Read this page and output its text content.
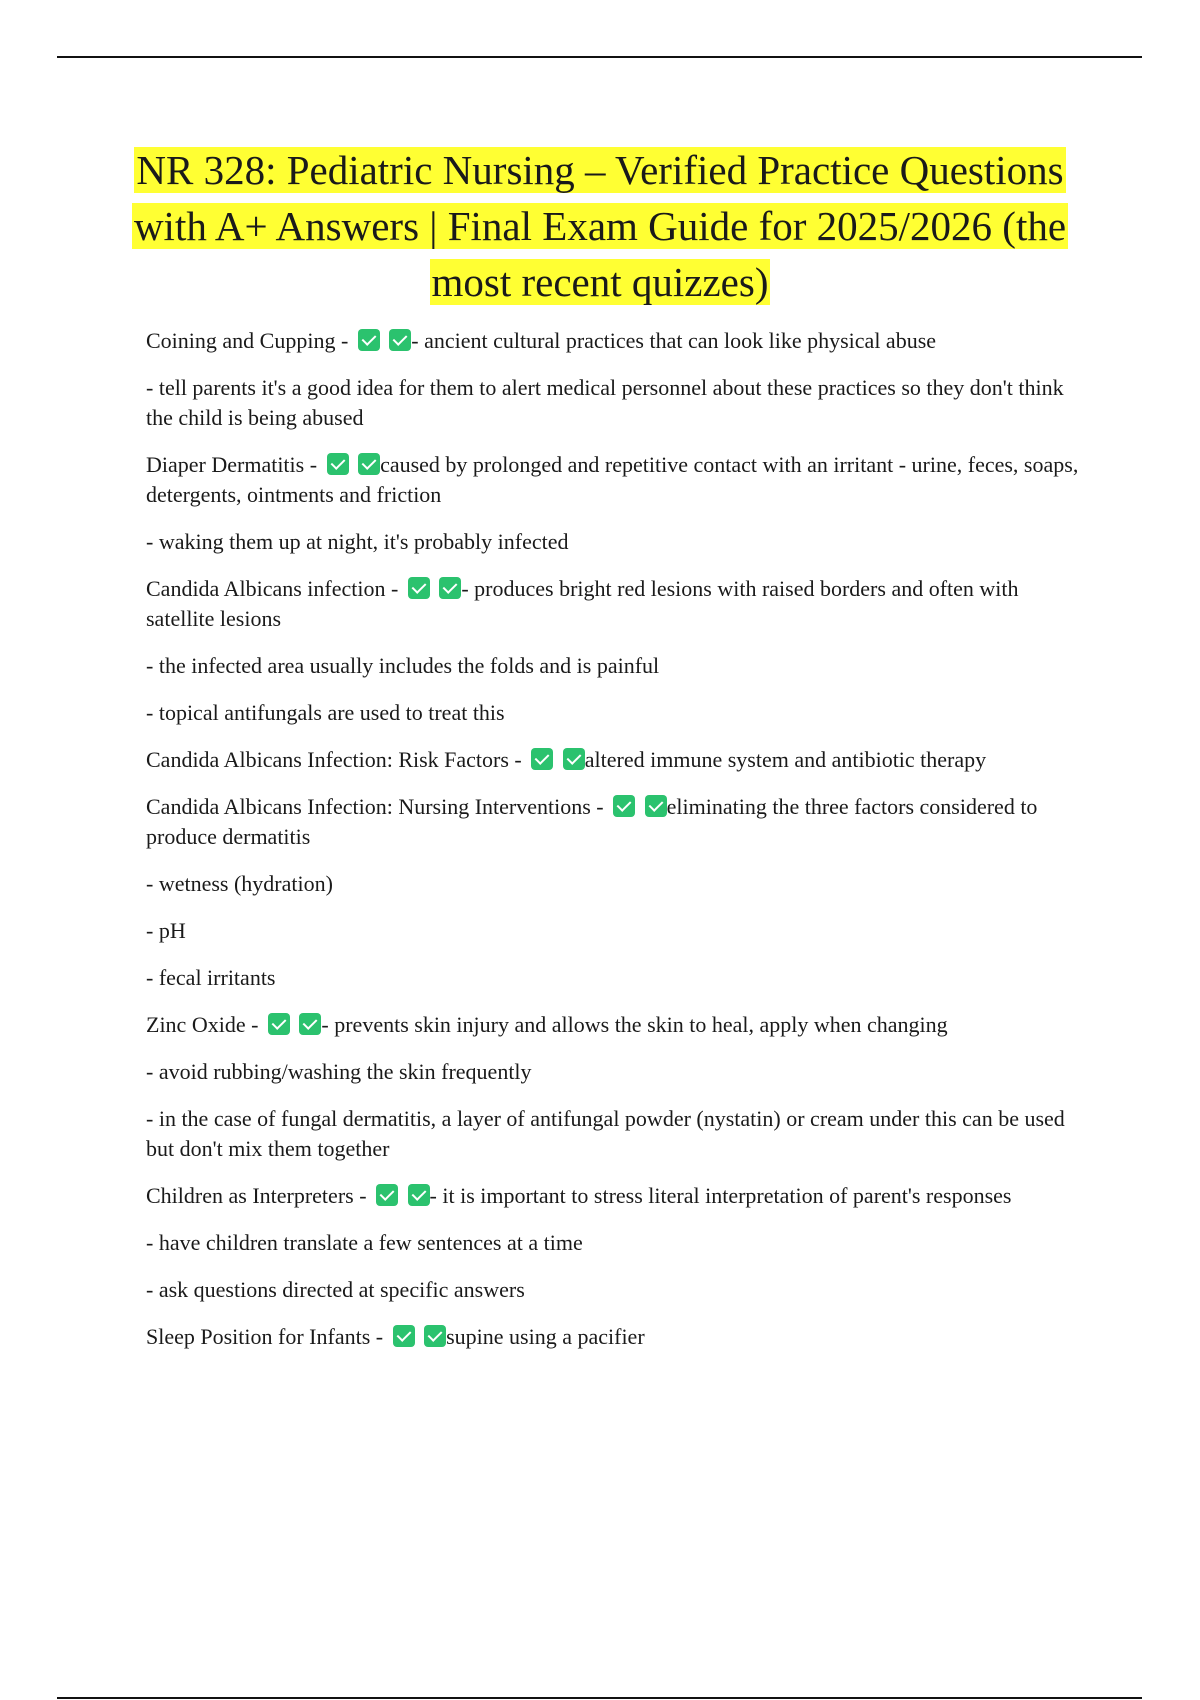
NR 328: Pediatric Nursing – Verified Practice Questions with A+ Answers | Final Exam Guide for 2025/2026 (the most recent quizzes)

Coining and Cupping -	- ancient cultural practices that can look like physical abuse

- tell parents it's a good idea for them to alert medical personnel about these practices so they don't think the child is being abused

Diaper Dermatitis -	caused by prolonged and repetitive contact with an irritant - urine, feces, soaps, detergents, ointments and friction

- waking them up at night, it's probably infected

Candida Albicans infection -	- produces bright red lesions with raised borders and often with satellite lesions

- the infected area usually includes the folds and is painful

- topical antifungals are used to treat this

Candida Albicans Infection: Risk Factors -	altered immune system and antibiotic therapy

Candida Albicans Infection: Nursing Interventions -	eliminating the three factors considered to produce dermatitis

- wetness (hydration)

- pH

- fecal irritants

Zinc Oxide -	- prevents skin injury and allows the skin to heal, apply when changing

- avoid rubbing/washing the skin frequently

- in the case of fungal dermatitis, a layer of antifungal powder (nystatin) or cream under this can be used but don't mix them together

Children as Interpreters -	- it is important to stress literal interpretation of parent's responses

- have children translate a few sentences at a time

- ask questions directed at specific answers

Sleep Position for Infants -	supine using a pacifier
